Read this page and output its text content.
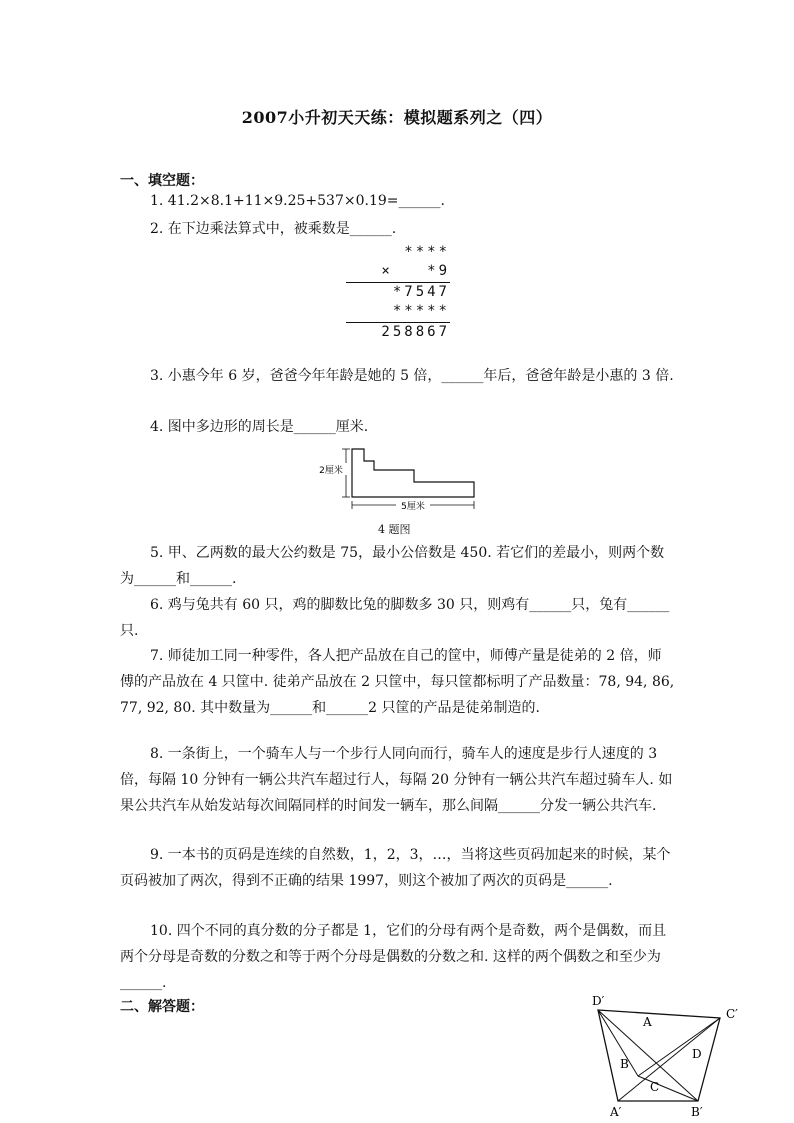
2007小升初天天练：模拟题系列之（四）
一、填空题：
1. 41.2×8.1+11×9.25+537×0.19=______.
2. 在下边乘法算式中，被乘数是______.
****
×   *9
*7547
*****
258867

3. 小惠今年 6 岁，爸爸今年年龄是她的 5 倍，______年后，爸爸年龄是小惠的 3 倍.

4. 图中多边形的周长是______厘米.
5厘米
2厘米
4 题图

5. 甲、乙两数的最大公约数是 75，最小公倍数是 450. 若它们的差最小，则两个数为______和______.

6. 鸡与兔共有 60 只，鸡的脚数比兔的脚数多 30 只，则鸡有______只，兔有______只.

7. 师徒加工同一种零件，各人把产品放在自己的筐中，师傅产量是徒弟的 2 倍，师傅的产品放在 4 只筐中. 徒弟产品放在 2 只筐中，每只筐都标明了产品数量：78, 94, 86, 77, 92, 80. 其中数量为______和______2 只筐的产品是徒弟制造的.

8. 一条街上，一个骑车人与一个步行人同向而行，骑车人的速度是步行人速度的 3 倍，每隔 10 分钟有一辆公共汽车超过行人，每隔 20 分钟有一辆公共汽车超过骑车人. 如果公共汽车从始发站每次间隔同样的时间发一辆车，那么间隔______分发一辆公共汽车.

9. 一本书的页码是连续的自然数，1，2，3，…，当将这些页码加起来的时候，某个页码被加了两次，得到不正确的结果 1997，则这个被加了两次的页码是______.

10. 四个不同的真分数的分子都是 1，它们的分母有两个是奇数，两个是偶数，而且两个分母是奇数的分数之和等于两个分母是偶数的分数之和. 这样的两个偶数之和至少为______.

二、解答题：	D′
C′
A′	B′
A
B
C
D
